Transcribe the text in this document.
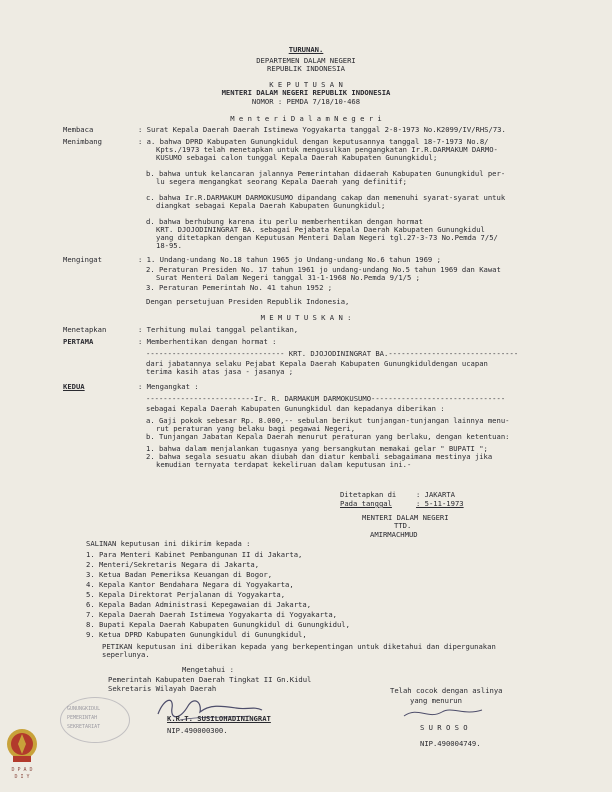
TURUNAN.
DEPARTEMEN DALAM NEGERI
REPUBLIK INDONESIA
K E P U T U S A N
MENTERI DALAM NEGERI REPUBLIK INDONESIA
NOMOR : PEMDA 7/18/10-468
M e n t e r i D a l a m N e g e r i
Membaca	: Surat Kepala Daerah Daerah Istimewa Yogyakarta tanggal 2-8-1973 No.K2099/IV/RHS/73.
Menimbang	: a. bahwa DPRD Kabupaten Gunungkidul dengan keputusannya tanggal 18-7-1973 No.8/
Kpts./1973 telah menetapkan untuk mengusulkan pengangkatan Ir.R.DARMAKUM DARMO-
KUSUMO sebagai calon tunggal Kepala Daerah Kabupaten Gunungkidul;
b. bahwa untuk kelancaran jalannya Pemerintahan didaerah Kabupaten Gunungkidul per-
lu segera mengangkat seorang Kepala Daerah yang definitif;
c. bahwa Ir.R.DARMAKUM DARMOKUSUMO dipandang cakap dan memenuhi syarat-syarat untuk
diangkat sebagai Kepala Daerah Kabupaten Gunungkidul;
d. bahwa berhubung karena itu perlu memberhentikan dengan hormat
KRT. DJOJODININGRAT BA. sebagai Pejabata Kepala Daerah Kabupaten Gunungkidul
yang ditetapkan dengan Keputusan Menteri Dalam Negeri tgl.27-3-73 No.Pemda 7/5/
18-95.
Mengingat	: 1. Undang-undang No.18 tahun 1965 jo Undang-undang No.6 tahun 1969 ;
2. Peraturan Presiden No. 17 tahun 1961 jo undang-undang No.5 tahun 1969 dan Kawat
Surat Menteri Dalam Negeri tanggal 31-1-1968 No.Pemda 9/1/5 ;
3. Peraturan Pemerintah No. 41 tahun 1952 ;
Dengan persetujuan Presiden Republik Indonesia,
M E M U T U S K A N :
Menetapkan	: Terhitung mulai tanggal pelantikan,
PERTAMA	: Memberhentikan dengan hormat :
-------------------------------- KRT. DJOJODININGRAT BA.------------------------------
dari jabatannya selaku Pejabat Kepala Daerah Kabupaten Gunungkiduldengan ucapan
terima kasih atas jasa - jasanya ;
KEDUA	: Mengangkat :
-------------------------Ir. R. DARMAKUM DARMOKUSUMO-------------------------------
sebagai Kepala Daerah Kabupaten Gunungkidul dan kepadanya diberikan :
a. Gaji pokok sebesar Rp. 8.000,-- sebulan berikut tunjangan-tunjangan lainnya menu-
rut peraturan yang belaku bagi pegawai Negeri,
b. Tunjangan Jabatan Kepala Daerah menurut peraturan yang berlaku, dengan ketentuan:
1. bahwa dalam menjalankan tugasnya yang bersangkutan memakai gelar " BUPATI ";
2. bahwa segala sesuatu akan diubah dan diatur kembali sebagaimana mestinya jika
kemudian ternyata terdapat kekeliruan dalam keputusan ini.-
Ditetapkan di	: JAKARTA
Pada tanggal	: 5-11-1973
MENTERI DALAM NEGERI
TTD.
AMIRMACHMUD
SALINAN keputusan ini dikirim kepada :
1. Para Menteri Kabinet Pembangunan II di Jakarta,
2. Menteri/Sekretaris Negara di Jakarta,
3. Ketua Badan Pemeriksa Keuangan di Bogor,
4. Kepala Kantor Bendahara Negara di Yogyakarta,
5. Kepala Direktorat Perjalanan di Yogyakarta,
6. Kepala Badan Administrasi Kepegawaian di Jakarta,
7. Kepala Daerah Daerah Istimewa Yogyakarta di Yogyakarta,
8. Bupati Kepala Daerah Kabupaten Gunungkidul di Gunungkidul,
9. Ketua DPRD Kabupaten Gunungkidul di Gunungkidul,
PETIKAN keputusan ini diberikan kepada yang berkepentingan untuk diketahui dan dipergunakan
seperlunya.
Mengetahui :
Pemerintah Kabupaten Daerah Tingkat II Gn.Kidul
Sekretaris Wilayah Daerah
GUNUNGKIDUL
PEMERINTAH
SEKRETARIAT
K.R.T. SUSILOHADININGRAT
NIP.490000300.
Telah cocok dengan aslinya
yang menurun
S U R O S O
NIP.490004749.
D P A D
D I Y
